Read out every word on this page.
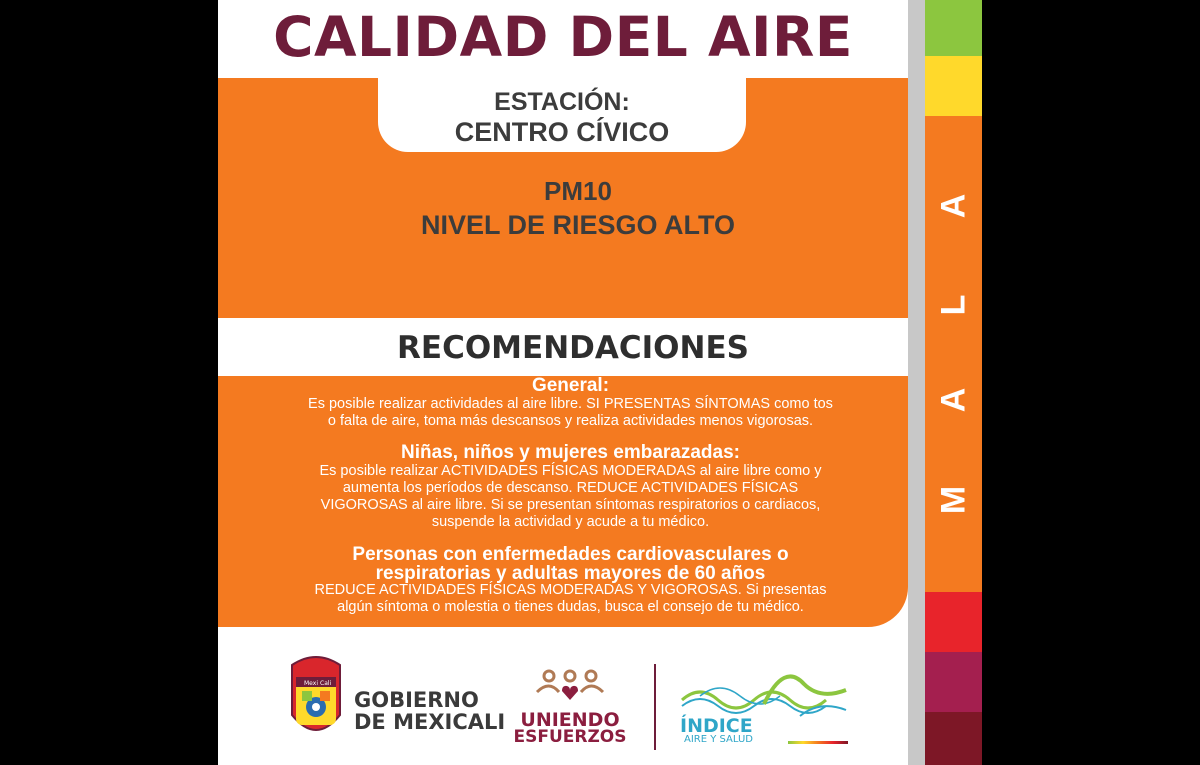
CALIDAD DEL AIRE
ESTACIÓN:
CENTRO CÍVICO
PM10
NIVEL DE RIESGO ALTO
RECOMENDACIONES
General:
Es posible realizar actividades al aire libre. SI PRESENTAS SÍNTOMAS como tos
o falta de aire, toma más descansos y realiza actividades menos vigorosas.
Niñas, niños y mujeres embarazadas:
Es posible realizar ACTIVIDADES FÍSICAS MODERADAS al aire libre como y
aumenta los períodos de descanso. REDUCE ACTIVIDADES FÍSICAS
VIGOROSAS al aire libre. Si se presentan síntomas respiratorios o cardiacos,
suspende la actividad y acude a tu médico.
Personas con enfermedades cardiovasculares o
respiratorias y adultas mayores de 60 años
REDUCE ACTIVIDADES FÍSICAS MODERADAS Y VIGOROSAS. Si presentas
algún síntoma o molestia o tienes dudas, busca el consejo de tu médico.
Mexi Cali
GOBIERNO
DE MEXICALI UNIENDO
ESFUERZOS	ÍNDICE
AIRE Y SALUD
M
A
L
A
